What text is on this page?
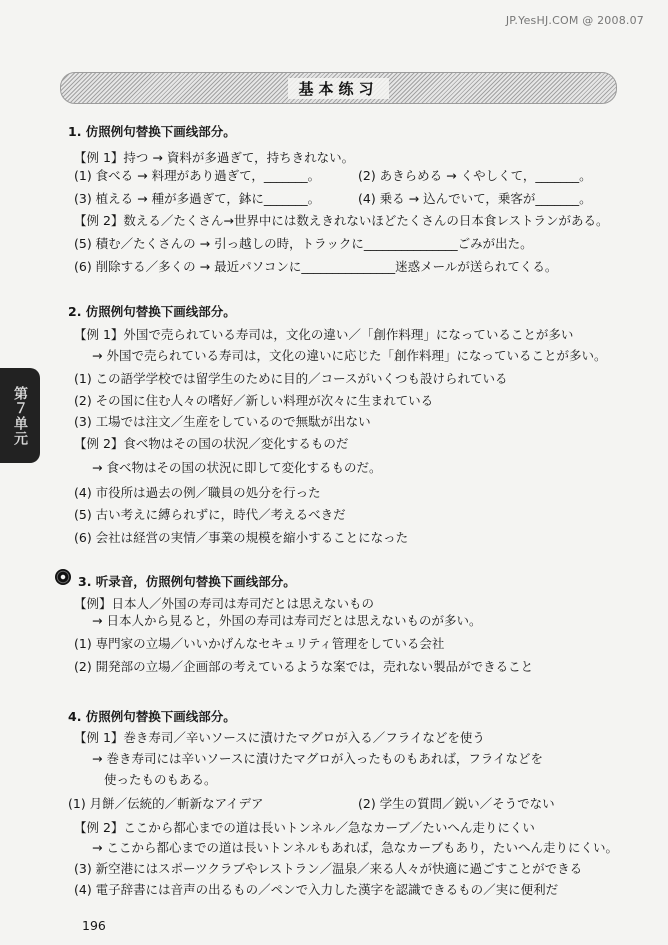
JP.YesHJ.COM @ 2008.07
基本练习
第７单元
1. 仿照例句替换下画线部分。
【例 1】持つ → 資料が多過ぎて，持ちきれない。
(1) 食べる → 料理があり過ぎて，_______。	(2) あきらめる → くやしくて，_______。
(3) 植える → 種が多過ぎて，鉢に_______。	(4) 乗る → 込んでいて，乗客が_______。
【例 2】数える／たくさん→世界中には数えきれないほどたくさんの日本食レストランがある。
(5) 積む／たくさんの → 引っ越しの時，トラックに_______________ごみが出た。
(6) 削除する／多くの → 最近パソコンに_______________迷惑メールが送られてくる。
2. 仿照例句替换下画线部分。
【例 1】外国で売られている寿司は，文化の違い／「創作料理」になっていることが多い
→ 外国で売られている寿司は，文化の違いに応じた「創作料理」になっていることが多い。
(1) この語学学校では留学生のために目的／コースがいくつも設けられている
(2) その国に住む人々の嗜好／新しい料理が次々に生まれている
(3) 工場では注文／生産をしているので無駄が出ない
【例 2】食べ物はその国の状況／変化するものだ
→ 食べ物はその国の状況に即して変化するものだ。
(4) 市役所は過去の例／職員の処分を行った
(5) 古い考えに縛られずに，時代／考えるべきだ
(6) 会社は経営の実情／事業の規模を縮小することになった
3. 听录音，仿照例句替换下画线部分。
【例】日本人／外国の寿司は寿司だとは思えないもの
→ 日本人から見ると，外国の寿司は寿司だとは思えないものが多い。
(1) 専門家の立場／いいかげんなセキュリティ管理をしている会社
(2) 開発部の立場／企画部の考えているような案では，売れない製品ができること
4. 仿照例句替换下画线部分。
【例 1】巻き寿司／辛いソースに漬けたマグロが入る／フライなどを使う
→ 巻き寿司には辛いソースに漬けたマグロが入ったものもあれば，フライなどを
使ったものもある。
(1) 月餅／伝統的／斬新なアイデア	(2) 学生の質問／鋭い／そうでない
【例 2】ここから都心までの道は長いトンネル／急なカーブ／たいへん走りにくい
→ ここから都心までの道は長いトンネルもあれば，急なカーブもあり，たいへん走りにくい。
(3) 新空港にはスポーツクラブやレストラン／温泉／来る人々が快適に過ごすことができる
(4) 電子辞書には音声の出るもの／ペンで入力した漢字を認識できるもの／実に便利だ
196
